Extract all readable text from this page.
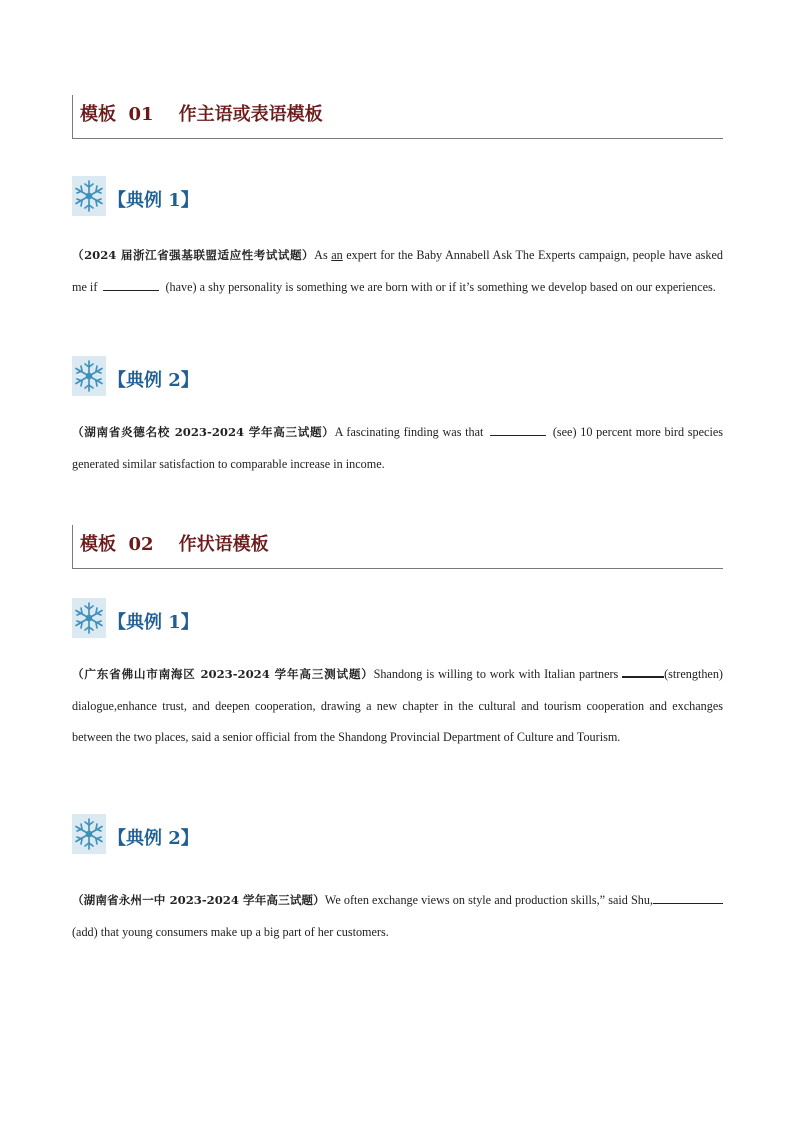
模板  01    作主语或表语模板
【典例 1】
（2024 届浙江省强基联盟适应性考试试题）As an expert for the Baby Annabell Ask The Experts campaign, people have asked me if	(have) a shy personality is something we are born with or if it’s something we develop based on our experiences.
【典例 2】
（湖南省炎德名校 2023-2024 学年高三试题）A fascinating finding was that	(see) 10 percent more bird species generated similar satisfaction to comparable increase in income.
模板  02    作状语模板
【典例 1】
（广东省佛山市南海区 2023-2024 学年高三测试题）Shandong is willing to work with Italian partners	(strengthen) dialogue,enhance trust, and deepen cooperation, drawing a new chapter in the cultural and tourism cooperation and exchanges between the two places, said a senior official from the Shandong Provincial Department of Culture and Tourism.
【典例 2】
（湖南省永州一中 2023-2024 学年高三试题）We often exchange views on style and production skills,” said Shu, (add) that young consumers make up a big part of her customers.
